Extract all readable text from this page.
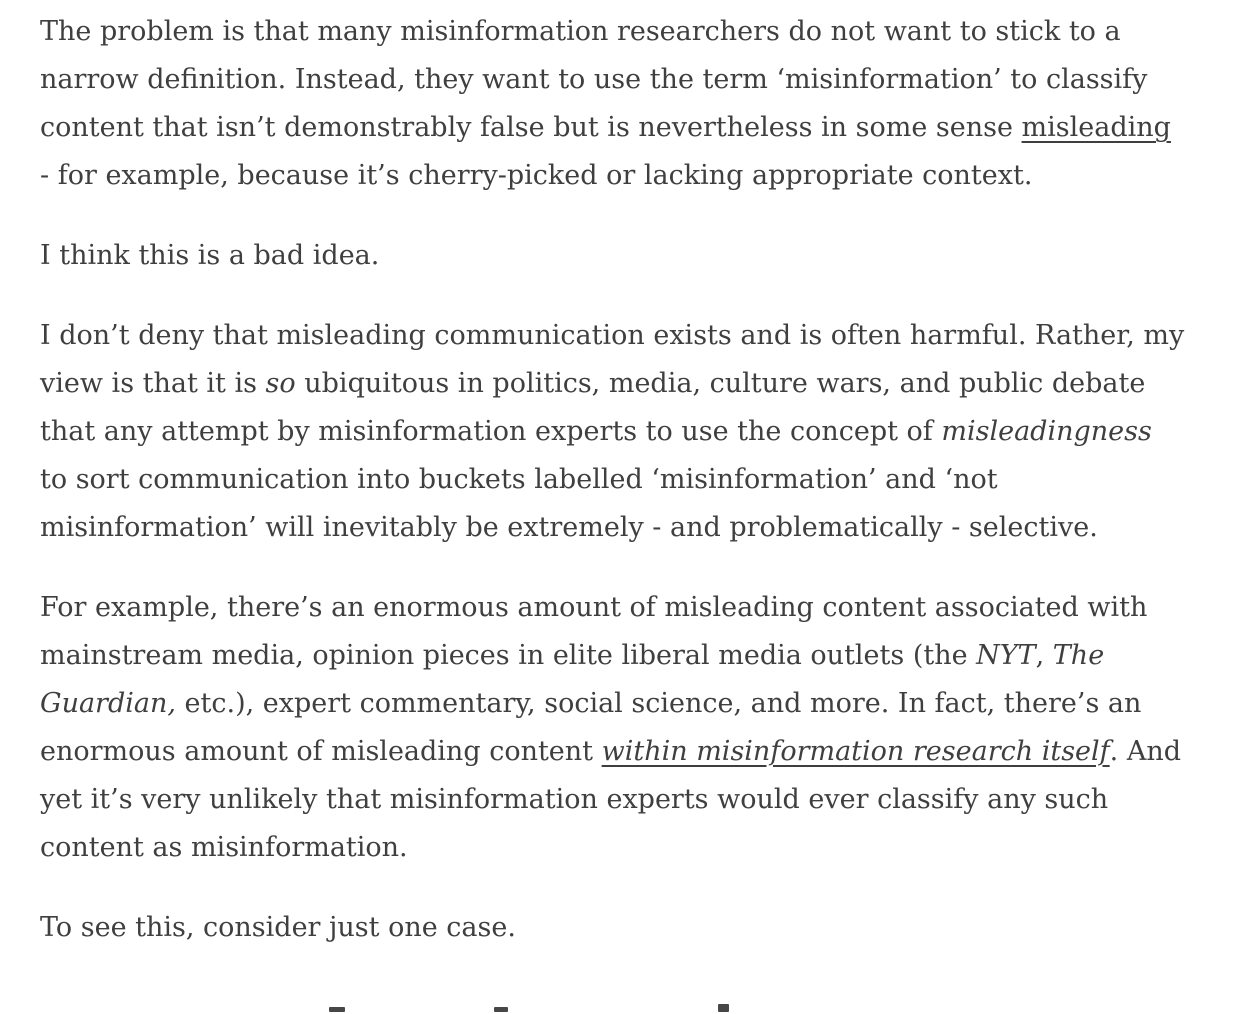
The problem is that many misinformation researchers do not want to stick to a narrow definition. Instead, they want to use the term ‘misinformation’ to classify content that isn’t demonstrably false but is nevertheless in some sense misleading - for example, because it’s cherry-picked or lacking appropriate context.

I think this is a bad idea.

I don’t deny that misleading communication exists and is often harmful. Rather, my view is that it is so ubiquitous in politics, media, culture wars, and public debate that any attempt by misinformation experts to use the concept of misleadingness to sort communication into buckets labelled ‘misinformation’ and ‘not misinformation’ will inevitably be extremely - and problematically - selective.

For example, there’s an enormous amount of misleading content associated with mainstream media, opinion pieces in elite liberal media outlets (the NYT, The Guardian, etc.), expert commentary, social science, and more. In fact, there’s an enormous amount of misleading content within misinformation research itself. And yet it’s very unlikely that misinformation experts would ever classify any such content as misinformation.

To see this, consider just one case.
